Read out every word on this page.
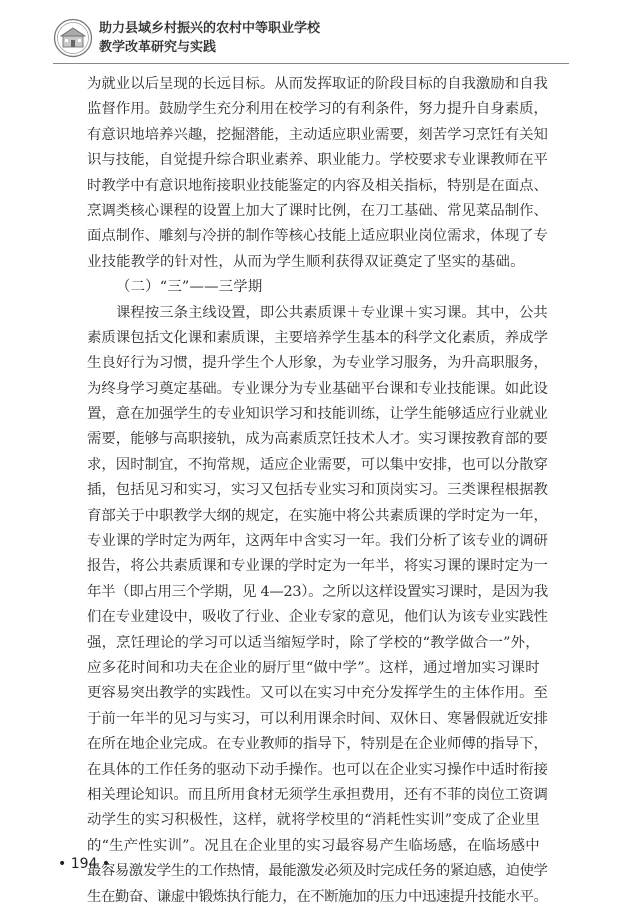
助力县域乡村振兴的农村中等职业学校
教学改革研究与实践
为就业以后呈现的长远目标。从而发挥取证的阶段目标的自我激励和自我
监督作用。鼓励学生充分利用在校学习的有利条件，努力提升自身素质，
有意识地培养兴趣，挖掘潜能，主动适应职业需要，刻苦学习烹饪有关知
识与技能，自觉提升综合职业素养、职业能力。学校要求专业课教师在平
时教学中有意识地衔接职业技能鉴定的内容及相关指标，特别是在面点、
烹调类核心课程的设置上加大了课时比例，在刀工基础、常见菜品制作、
面点制作、雕刻与冷拼的制作等核心技能上适应职业岗位需求，体现了专
业技能教学的针对性，从而为学生顺利获得双证奠定了坚实的基础。
（二）“三”——三学期
课程按三条主线设置，即公共素质课＋专业课＋实习课。其中，公共
素质课包括文化课和素质课，主要培养学生基本的科学文化素质，养成学
生良好行为习惯，提升学生个人形象，为专业学习服务，为升高职服务，
为终身学习奠定基础。专业课分为专业基础平台课和专业技能课。如此设
置，意在加强学生的专业知识学习和技能训练，让学生能够适应行业就业
需要，能够与高职接轨，成为高素质烹饪技术人才。实习课按教育部的要
求，因时制宜，不拘常规，适应企业需要，可以集中安排，也可以分散穿
插，包括见习和实习，实习又包括专业实习和顶岗实习。三类课程根据教
育部关于中职教学大纲的规定，在实施中将公共素质课的学时定为一年，
专业课的学时定为两年，这两年中含实习一年。我们分析了该专业的调研
报告，将公共素质课和专业课的学时定为一年半，将实习课的课时定为一
年半（即占用三个学期，见 4—23）。之所以这样设置实习课时，是因为我
们在专业建设中，吸收了行业、企业专家的意见，他们认为该专业实践性
强，烹饪理论的学习可以适当缩短学时，除了学校的“教学做合一”外，
应多花时间和功夫在企业的厨厅里“做中学”。这样，通过增加实习课时
更容易突出教学的实践性。又可以在实习中充分发挥学生的主体作用。至
于前一年半的见习与实习，可以利用课余时间、双休日、寒暑假就近安排
在所在地企业完成。在专业教师的指导下，特别是在企业师傅的指导下，
在具体的工作任务的驱动下动手操作。也可以在企业实习操作中适时衔接
相关理论知识。而且所用食材无须学生承担费用，还有不菲的岗位工资调
动学生的实习积极性，这样，就将学校里的“消耗性实训”变成了企业里
的“生产性实训”。况且在企业里的实习最容易产生临场感，在临场感中
最容易激发学生的工作热情，最能激发必须及时完成任务的紧迫感，迫使学
生在勤奋、谦虚中锻炼执行能力，在不断施加的压力中迅速提升技能水平。
• 194 •
